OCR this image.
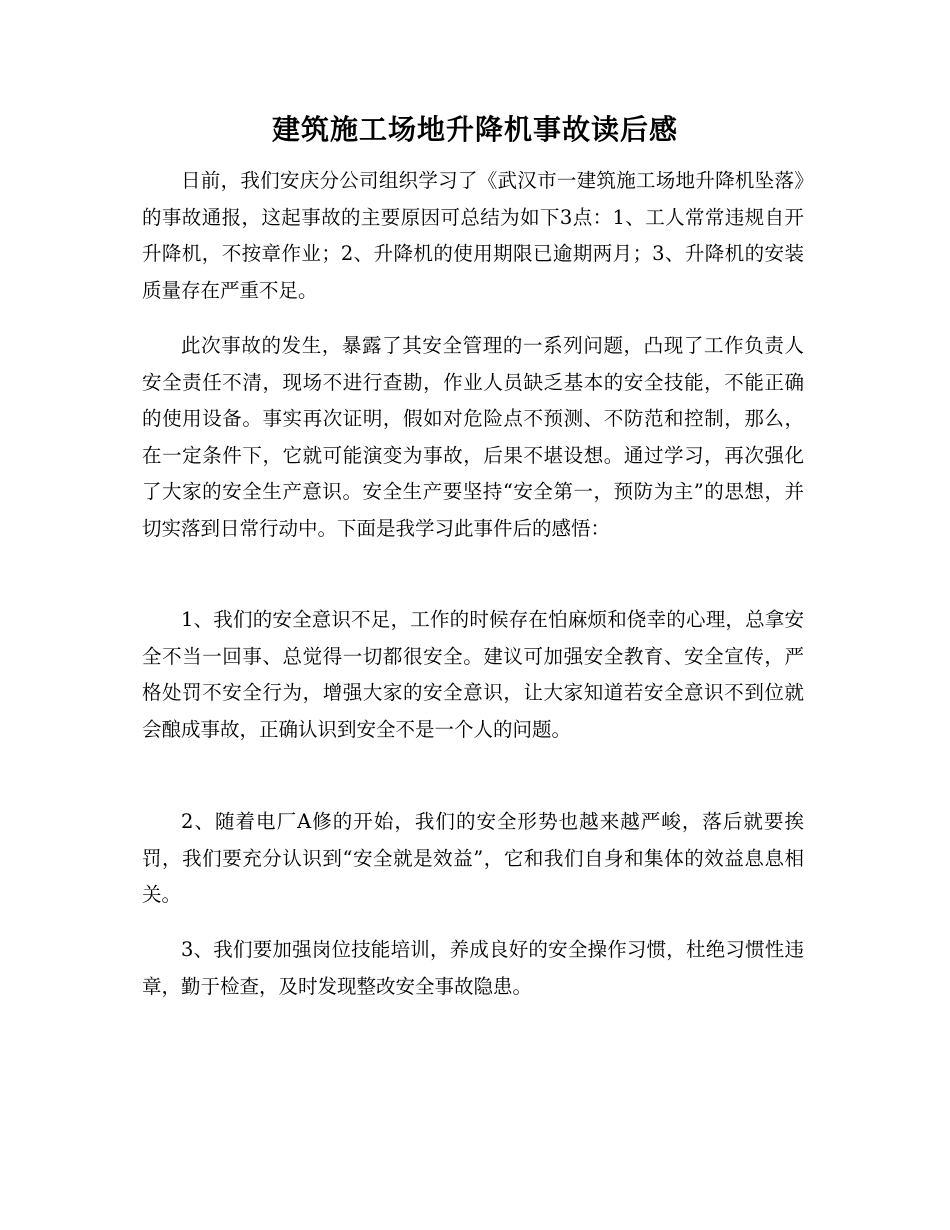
建筑施工场地升降机事故读后感

日前，我们安庆分公司组织学习了《武汉市一建筑施工场地升降机坠落》的事故通报，这起事故的主要原因可总结为如下3点：1、工人常常违规自开升降机，不按章作业；2、升降机的使用期限已逾期两月；3、升降机的安装质量存在严重不足。

此次事故的发生，暴露了其安全管理的一系列问题，凸现了工作负责人安全责任不清，现场不进行查勘，作业人员缺乏基本的安全技能，不能正确的使用设备。事实再次证明，假如对危险点不预测、不防范和控制，那么，在一定条件下，它就可能演变为事故，后果不堪设想。通过学习，再次强化了大家的安全生产意识。安全生产要坚持“安全第一，预防为主”的思想，并切实落到日常行动中。下面是我学习此事件后的感悟：

1、我们的安全意识不足，工作的时候存在怕麻烦和侥幸的心理，总拿安全不当一回事、总觉得一切都很安全。建议可加强安全教育、安全宣传，严格处罚不安全行为，增强大家的安全意识，让大家知道若安全意识不到位就会酿成事故，正确认识到安全不是一个人的问题。

2、随着电厂A修的开始，我们的安全形势也越来越严峻，落后就要挨罚，我们要充分认识到“安全就是效益”，它和我们自身和集体的效益息息相关。

3、我们要加强岗位技能培训，养成良好的安全操作习惯，杜绝习惯性违章，勤于检查，及时发现整改安全事故隐患。
